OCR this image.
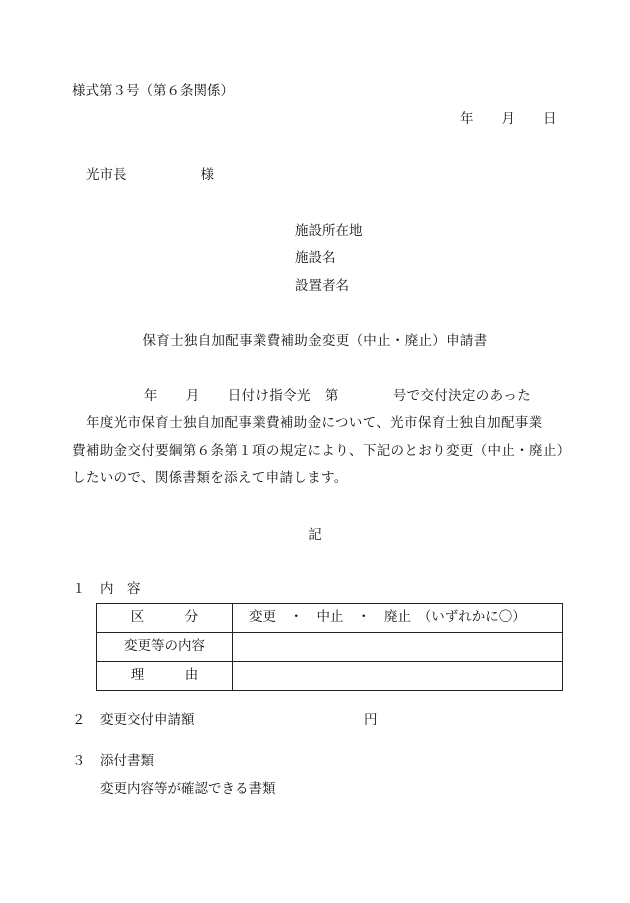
様式第３号（第６条関係）
年 月 日
光市長	様
施設所在地
施設名
設置者名
保育士独自加配事業費補助金変更（中止・廃止）申請書
年 月 日付け指令光 第	号で交付決定のあった
年度光市保育士独自加配事業費補助金について、光市保育士独自加配事業
費補助金交付要綱第６条第１項の規定により、下記のとおり変更（中止・廃止）
したいので、関係書類を添えて申請します。
記
１ 内　容
区　　　分	変更　・　中止　・　廃止　（いずれかに〇）
変更等の内容	
理　　　由	
２ 変更交付申請額	円
３ 添付書類
変更内容等が確認できる書類
